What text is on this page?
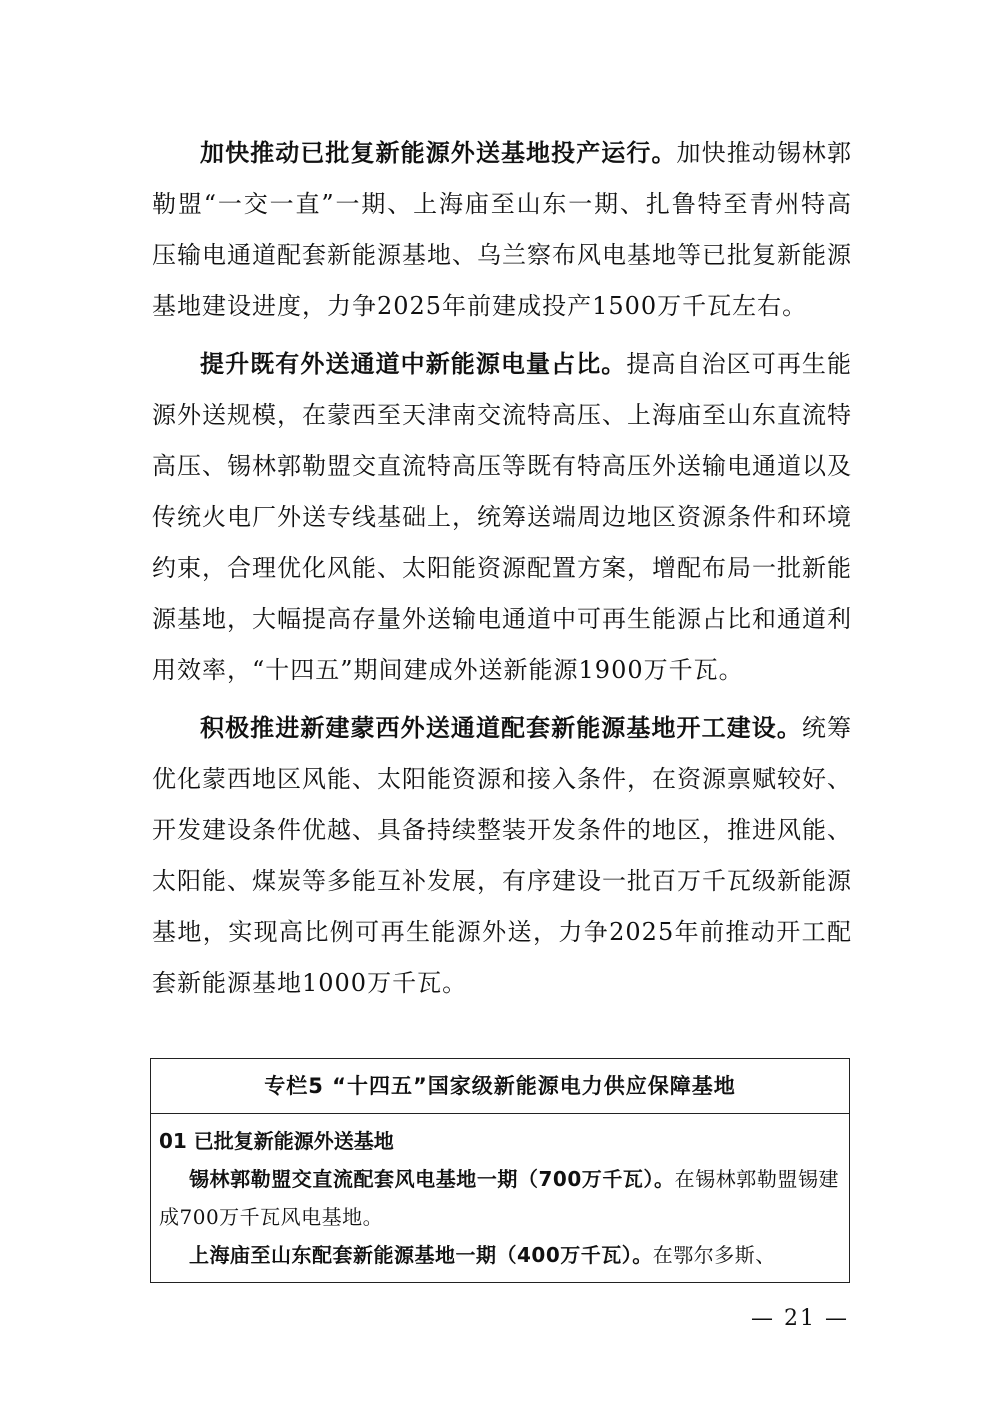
加快推动已批复新能源外送基地投产运行。加快推动锡林郭勒盟“一交一直”一期、上海庙至山东一期、扎鲁特至青州特高压输电通道配套新能源基地、乌兰察布风电基地等已批复新能源基地建设进度，力争2025年前建成投产1500万千瓦左右。

提升既有外送通道中新能源电量占比。提高自治区可再生能源外送规模，在蒙西至天津南交流特高压、上海庙至山东直流特高压、锡林郭勒盟交直流特高压等既有特高压外送输电通道以及传统火电厂外送专线基础上，统筹送端周边地区资源条件和环境约束，合理优化风能、太阳能资源配置方案，增配布局一批新能源基地，大幅提高存量外送输电通道中可再生能源占比和通道利用效率，“十四五”期间建成外送新能源1900万千瓦。

积极推进新建蒙西外送通道配套新能源基地开工建设。统筹优化蒙西地区风能、太阳能资源和接入条件，在资源禀赋较好、开发建设条件优越、具备持续整装开发条件的地区，推进风能、太阳能、煤炭等多能互补发展，有序建设一批百万千瓦级新能源基地，实现高比例可再生能源外送，力争2025年前推动开工配套新能源基地1000万千瓦。

专栏5 “十四五”国家级新能源电力供应保障基地

01 已批复新能源外送基地

锡林郭勒盟交直流配套风电基地一期（700万千瓦）。在锡林郭勒盟锡建成700万千瓦风电基地。

上海庙至山东配套新能源基地一期（400万千瓦）。在鄂尔多斯、

— 21 —
